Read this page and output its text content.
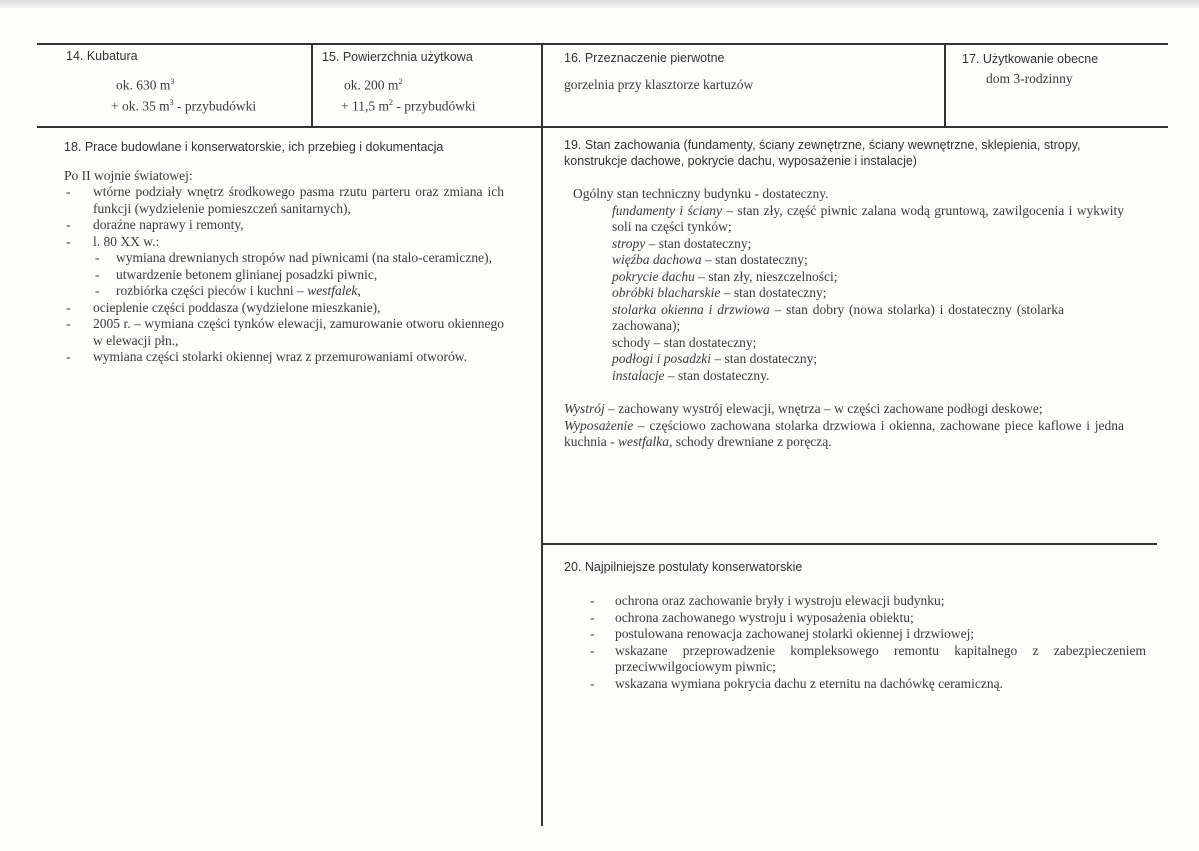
14. Kubatura
ok. 630 $m^3$
+ ok. 35 $m^3$ - przybudówki
15. Powierzchnia użytkowa
ok. 200 $m^2$
+ 11,5 $m^2$ - przybudówki
16. Przeznaczenie pierwotne
gorzelnia przy klasztorze kartuzów
17. Użytkowanie obecne
dom 3-rodzinny
18. Prace budowlane i konserwatorskie, ich przebieg i dokumentacja
Po II wojnie światowej:
- wtórne podziały wnętrz środkowego pasma rzutu parteru oraz zmiana ich funkcji (wydzielenie pomieszczeń sanitarnych),
- doraźne naprawy i remonty,
- l. 80 XX w.:
- wymiana drewnianych stropów nad piwnicami (na stalo-ceramiczne),
- utwardzenie betonem glinianej posadzki piwnic,
- rozbiórka części pieców i kuchni – westfalek,
- ocieplenie części poddasza (wydzielone mieszkanie),
- 2005 r. – wymiana części tynków elewacji, zamurowanie otworu okiennego w elewacji płn.,
- wymiana części stolarki okiennej wraz z przemurowaniami otworów.
19. Stan zachowania (fundamenty, ściany zewnętrzne, ściany wewnętrzne, sklepienia, stropy, konstrukcje dachowe, pokrycie dachu, wyposażenie i instalacje)

Ogólny stan techniczny budynku - dostateczny.

fundamenty i ściany – stan zły, część piwnic zalana wodą gruntową, zawilgocenia i wykwity soli na części tynków;

stropy – stan dostateczny;

więźba dachowa – stan dostateczny;

pokrycie dachu – stan zły, nieszczelności;

obróbki blacharskie – stan dostateczny;

stolarka okienna i drzwiowa – stan dobry (nowa stolarka) i dostateczny (stolarka zachowana);

schody – stan dostateczny;

podłogi i posadzki – stan dostateczny;

instalacje – stan dostateczny.

Wystrój – zachowany wystrój elewacji, wnętrza – w części zachowane podłogi deskowe;

Wyposażenie – częściowo zachowana stolarka drzwiowa i okienna, zachowane piece kaflowe i jedna kuchnia - westfalka, schody drewniane z poręczą.

20. Najpilniejsze postulaty konserwatorskie
- ochrona oraz zachowanie bryły i wystroju elewacji budynku;
- ochrona zachowanego wystroju i wyposażenia obiektu;
- postulowana renowacja zachowanej stolarki okiennej i drzwiowej;
- wskazane przeprowadzenie kompleksowego remontu kapitalnego z zabezpieczeniem przeciwwilgociowym piwnic;
- wskazana wymiana pokrycia dachu z eternitu na dachówkę ceramiczną.
